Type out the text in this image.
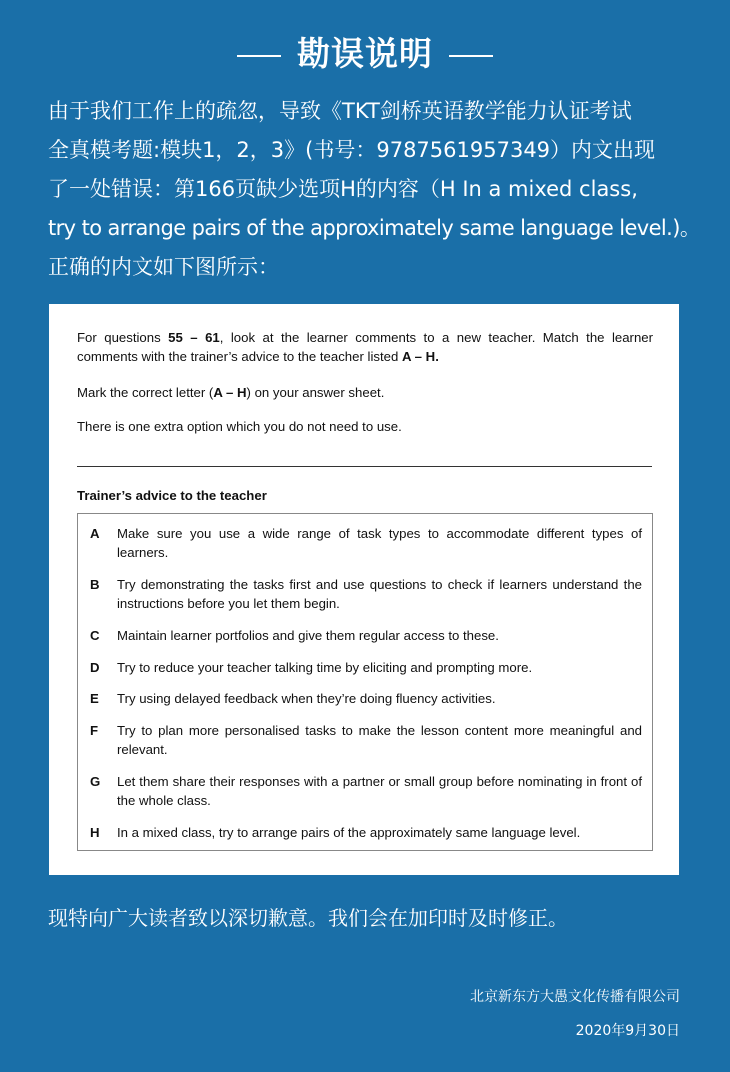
勘误说明
由于我们工作上的疏忽，导致《TKT剑桥英语教学能力认证考试
全真模考题:模块1，2，3》(书号：9787561957349）内文出现
了一处错误：第166页缺少选项H的内容（H In a mixed class,
try to arrange pairs of the approximately same language level.)。
正确的内文如下图所示：

For questions 55 – 61, look at the learner comments to a new teacher. Match the learner comments with the trainer’s advice to the teacher listed A – H.

Mark the correct letter (A – H) on your answer sheet.

There is one extra option which you do not need to use.

Trainer’s advice to the teacher

A Make sure you use a wide range of task types to accommodate different types of learners.
B Try demonstrating the tasks first and use questions to check if learners understand the instructions before you let them begin.
C Maintain learner portfolios and give them regular access to these.
D Try to reduce your teacher talking time by eliciting and prompting more.
E Try using delayed feedback when they’re doing fluency activities.
F Try to plan more personalised tasks to make the lesson content more meaningful and relevant.
G Let them share their responses with a partner or small group before nominating in front of the whole class.
H In a mixed class, try to arrange pairs of the approximately same language level.
现特向广大读者致以深切歉意。我们会在加印时及时修正。
北京新东方大愚文化传播有限公司
2020年9月30日
